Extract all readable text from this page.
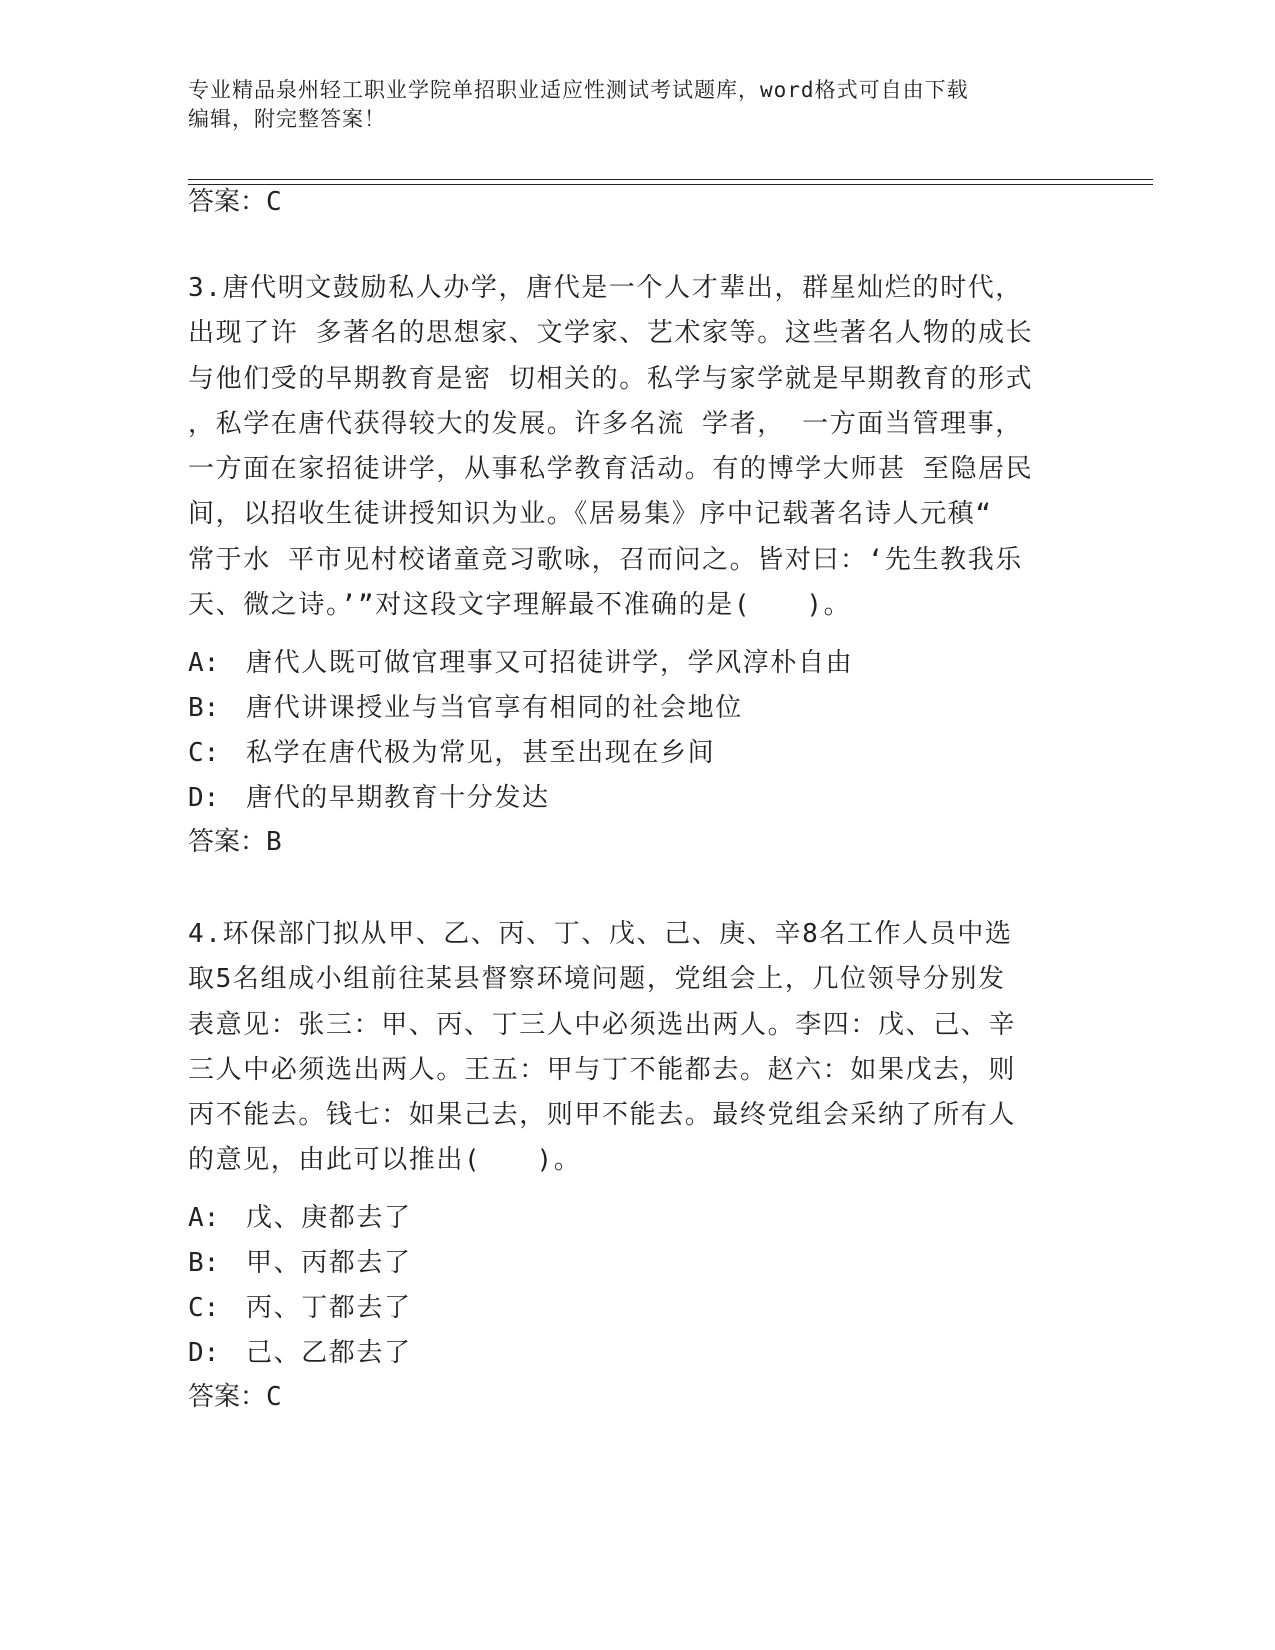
专业精品泉州轻工职业学院单招职业适应性测试考试题库，word格式可自由下载
编辑，附完整答案！
答案：C
3.唐代明文鼓励私人办学，唐代是一个人才辈出，群星灿烂的时代，
出现了许 多著名的思想家、文学家、艺术家等。这些著名人物的成长
与他们受的早期教育是密 切相关的。私学与家学就是早期教育的形式
，私学在唐代获得较大的发展。许多名流 学者， 一方面当管理事，
一方面在家招徒讲学，从事私学教育活动。有的博学大师甚 至隐居民
间，以招收生徒讲授知识为业。《居易集》序中记载著名诗人元稹“
常于水 平市见村校诸童竞习歌咏，召而问之。皆对曰：‘先生教我乐
天、微之诗。’”对这段文字理解最不准确的是(　　)。
A: 唐代人既可做官理事又可招徒讲学，学风淳朴自由
B: 唐代讲课授业与当官享有相同的社会地位
C: 私学在唐代极为常见，甚至出现在乡间
D: 唐代的早期教育十分发达
答案：B
4.环保部门拟从甲、乙、丙、丁、戊、己、庚、辛8名工作人员中选
取5名组成小组前往某县督察环境问题，党组会上，几位领导分别发
表意见：张三：甲、丙、丁三人中必须选出两人。李四：戊、己、辛
三人中必须选出两人。王五：甲与丁不能都去。赵六：如果戊去，则
丙不能去。钱七：如果己去，则甲不能去。最终党组会采纳了所有人
的意见，由此可以推出(　　)。
A: 戊、庚都去了
B: 甲、丙都去了
C: 丙、丁都去了
D: 己、乙都去了
答案：C
